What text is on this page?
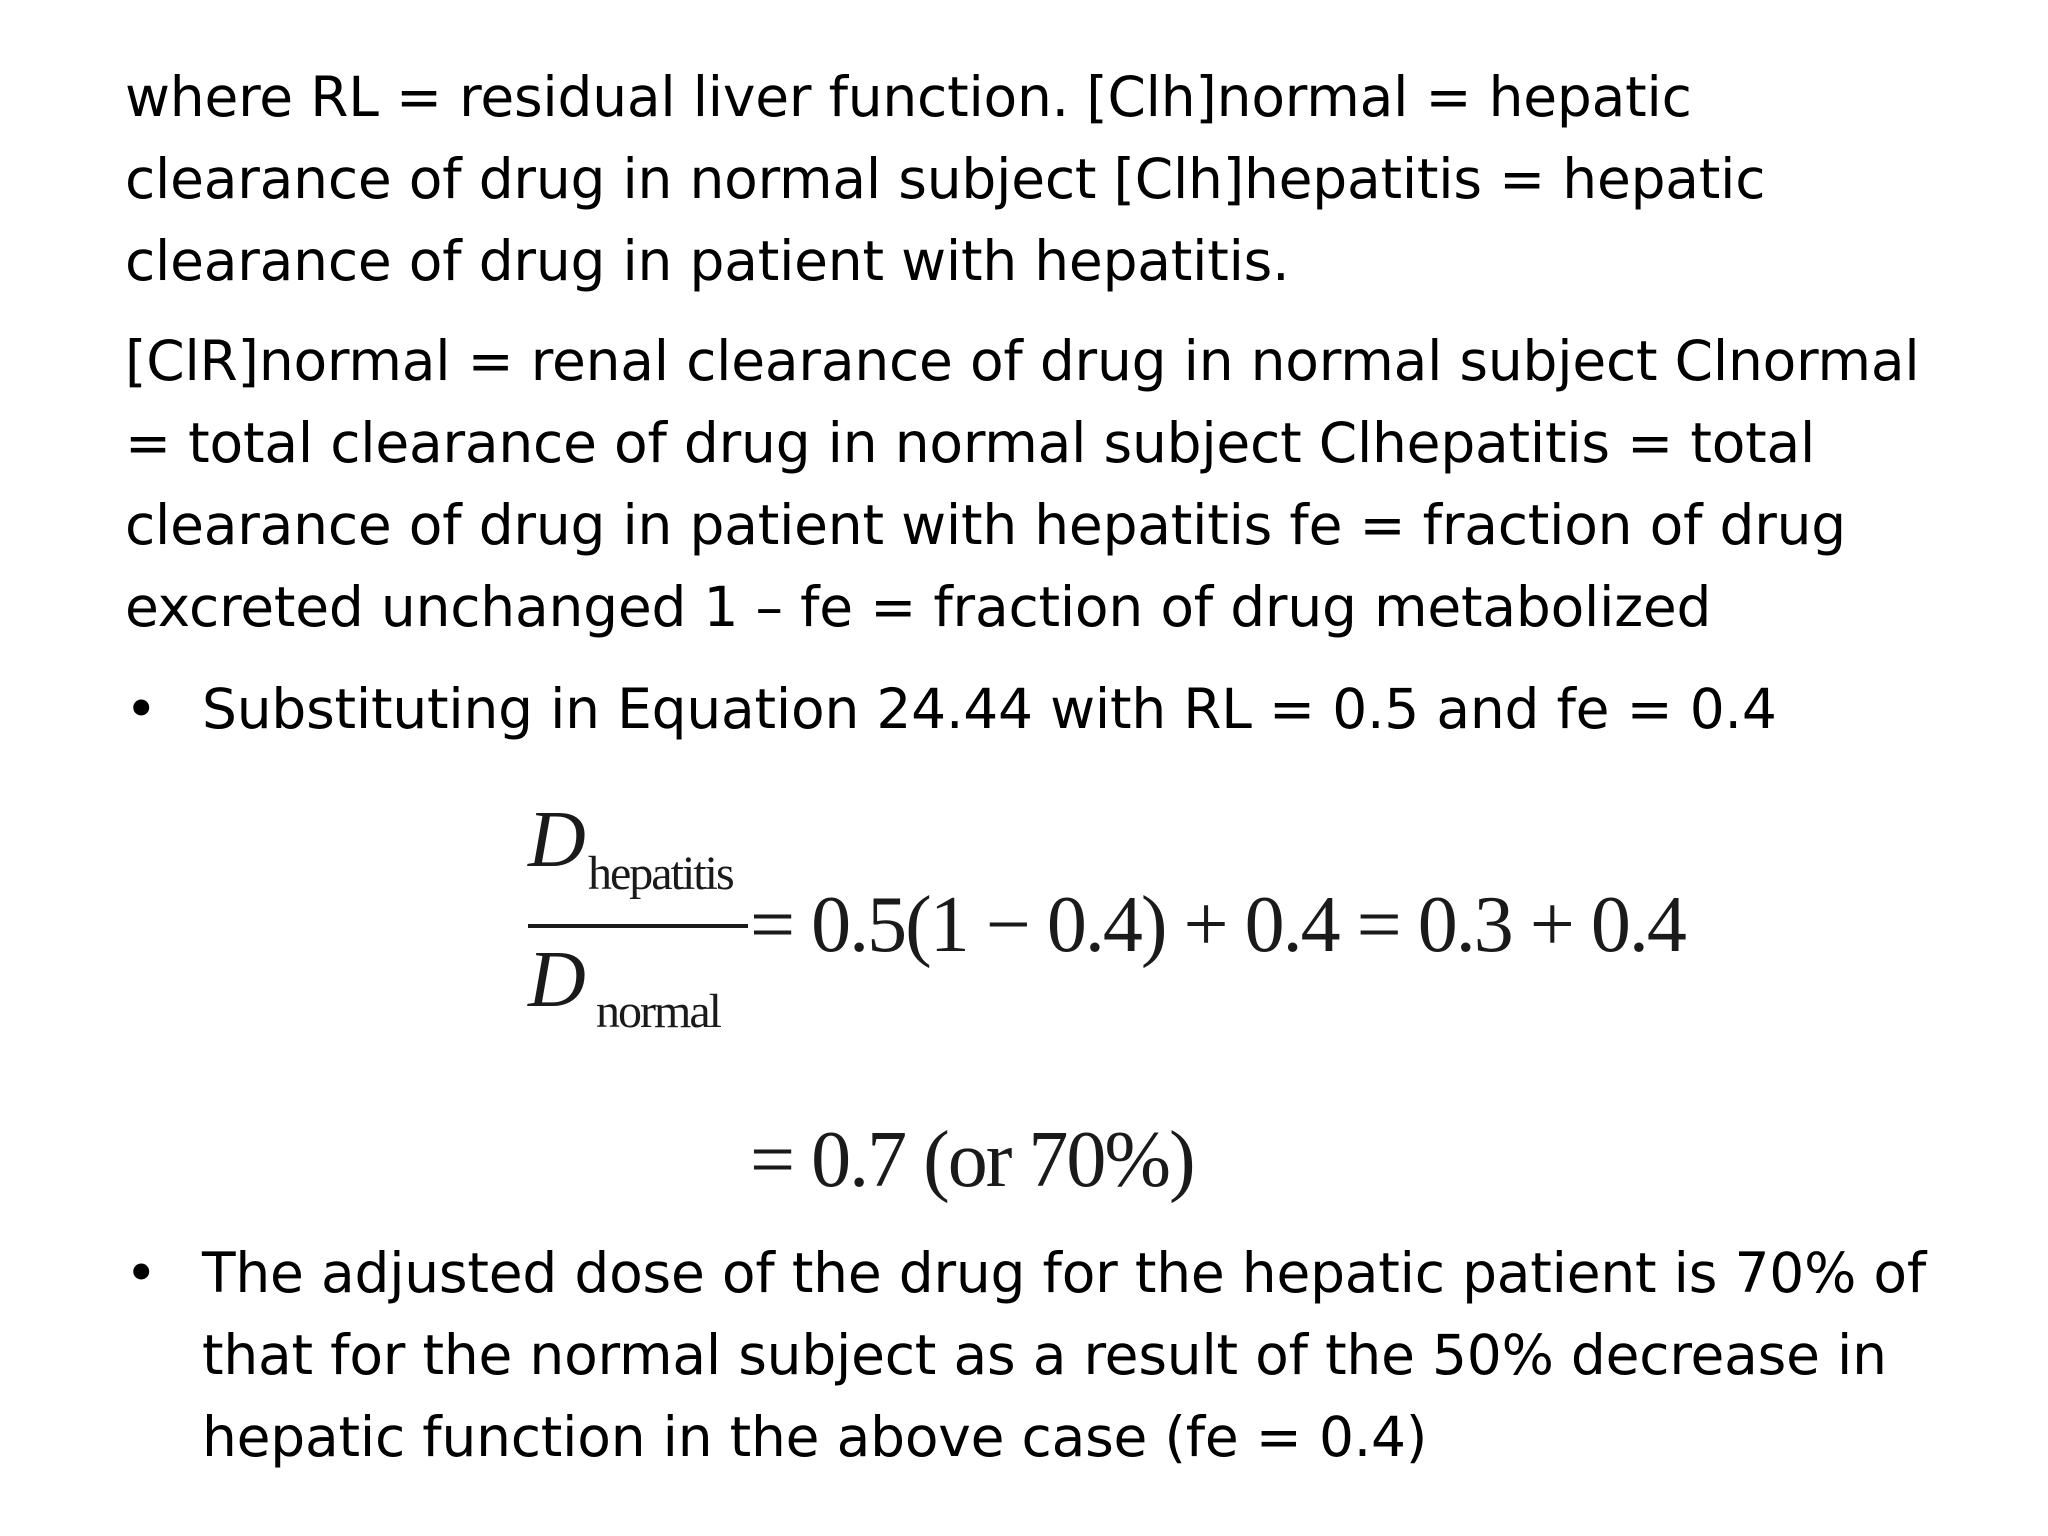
where RL = residual liver function. [Clh]normal = hepatic clearance of drug in normal subject [Clh]hepatitis = hepatic clearance of drug in patient with hepatitis.

[ClR]normal = renal clearance of drug in normal subject Clnormal = total clearance of drug in normal subject Clhepatitis = total clearance of drug in patient with hepatitis fe = fraction of drug excreted unchanged 1 – fe = fraction of drug metabolized

• Substituting in Equation 24.44 with RL = 0.5 and fe = 0.4
D hepatitis
D normal
= 0.5(1 − 0.4) + 0.4 = 0.3 + 0.4
= 0.7 (or 70%)
• The adjusted dose of the drug for the hepatic patient is 70% of that for the normal subject as a result of the 50% decrease in hepatic function in the above case (fe = 0.4)
